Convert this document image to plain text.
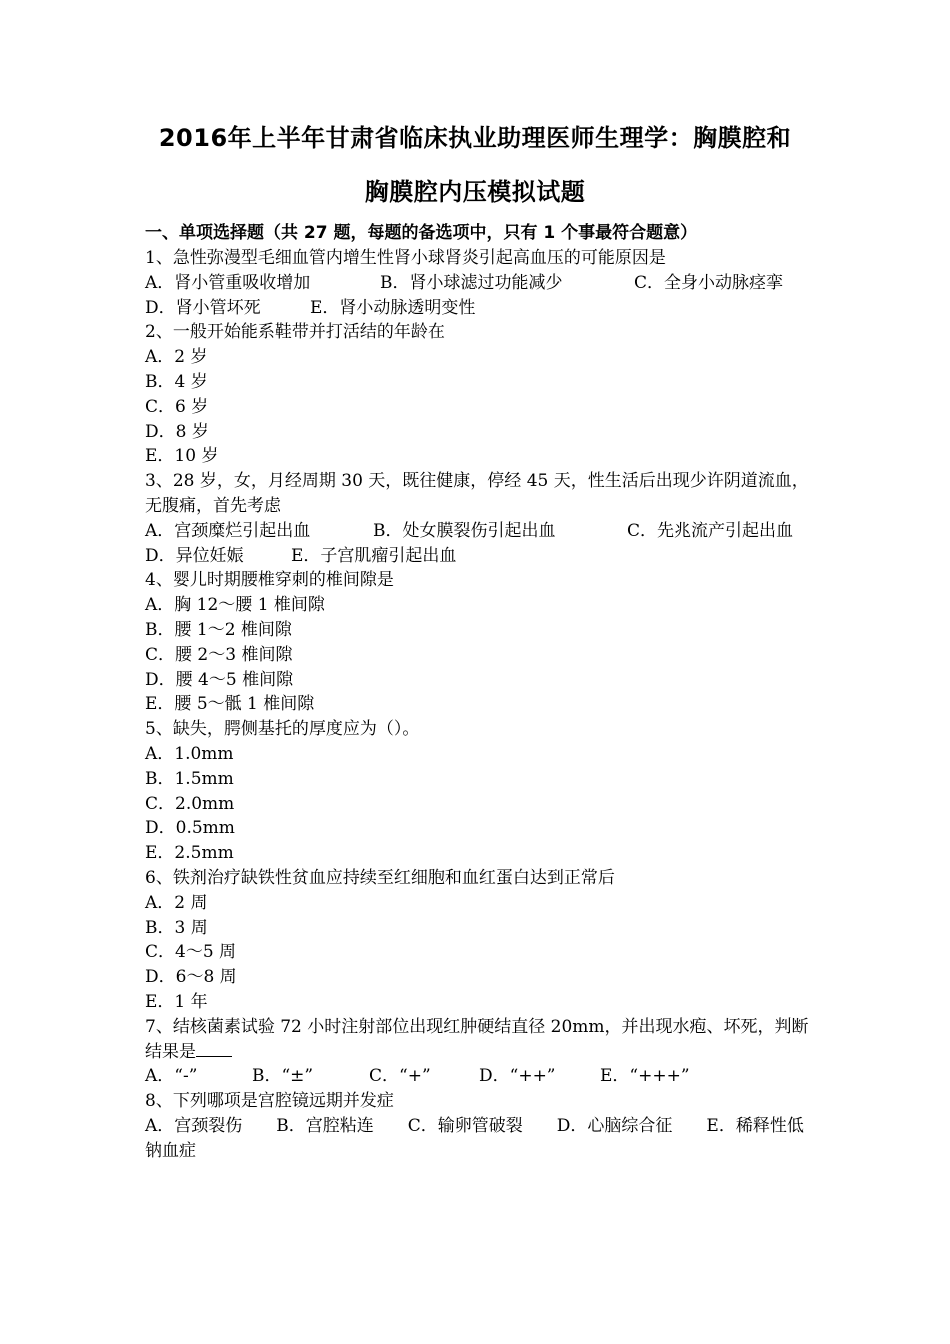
2016年上半年甘肃省临床执业助理医师生理学：胸膜腔和
胸膜腔内压模拟试题
一、单项选择题（共 27 题，每题的备选项中，只有 1 个事最符合题意）
1、急性弥漫型毛细血管内增生性肾小球肾炎引起高血压的可能原因是
A．肾小管重吸收增加	B．肾小球滤过功能减少	C．全身小动脉痉挛
D．肾小管坏死	E．肾小动脉透明变性
2、一般开始能系鞋带并打活结的年龄在
A．2 岁
B．4 岁
C．6 岁
D．8 岁
E．10 岁
3、28 岁，女，月经周期 30 天，既往健康，停经 45 天，性生活后出现少许阴道流血，无腹痛，首先考虑
A．宫颈糜烂引起出血	B．处女膜裂伤引起出血	C．先兆流产引起出血
D．异位妊娠	E．子宫肌瘤引起出血
4、婴儿时期腰椎穿刺的椎间隙是
A．胸 12～腰 1 椎间隙
B．腰 1～2 椎间隙
C．腰 2～3 椎间隙
D．腰 4～5 椎间隙
E．腰 5～骶 1 椎间隙
5、缺失，腭侧基托的厚度应为（）。
A．1.0mm
B．1.5mm
C．2.0mm
D．0.5mm
E．2.5mm
6、铁剂治疗缺铁性贫血应持续至红细胞和血红蛋白达到正常后
A．2 周
B．3 周
C．4～5 周
D．6～8 周
E．1 年
7、结核菌素试验 72 小时注射部位出现红肿硬结直径 20mm，并出现水疱、坏死，判断结果是
A．“-”	B．“±”	C．“+”	D．“++”	E．“+++”
8、下列哪项是宫腔镜远期并发症
A．宫颈裂伤　　B．宫腔粘连　　C．输卵管破裂　　D．心脑综合征　　E．稀释性低钠血症
